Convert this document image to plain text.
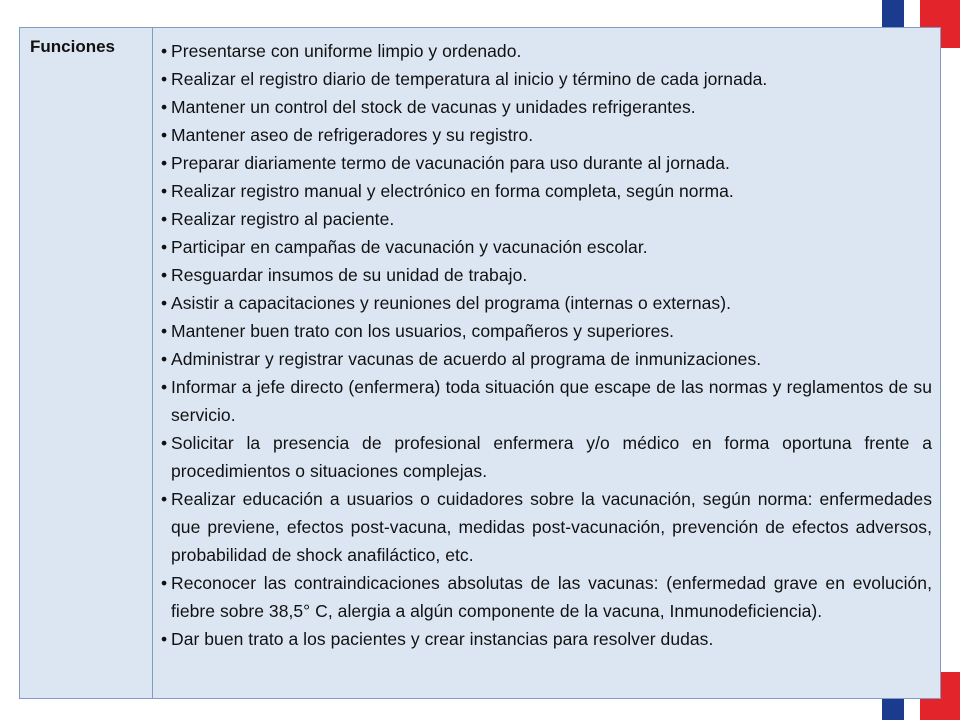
Funciones	
•Presentarse con uniforme limpio y ordenado.
• Realizar el registro diario de temperatura al inicio y término de cada jornada.
• Mantener un control del stock de vacunas y unidades refrigerantes.
• Mantener aseo de refrigeradores y su registro.
• Preparar diariamente termo de vacunación para uso durante al jornada.
• Realizar registro manual y electrónico en forma completa, según norma.
• Realizar registro al paciente.
• Participar en campañas de vacunación y vacunación escolar.
• Resguardar insumos de su unidad de trabajo.
• Asistir a capacitaciones y reuniones del programa (internas o externas).
• Mantener buen trato con los usuarios, compañeros y superiores.
• Administrar y registrar vacunas de acuerdo al programa de inmunizaciones.
• Informar a jefe directo (enfermera) toda situación que escape de las normas y reglamentos de su servicio.
• Solicitar la presencia de profesional enfermera y/o médico en forma oportuna frente a procedimientos o situaciones complejas.
• Realizar educación a usuarios o cuidadores sobre la vacunación, según norma: enfermedades que previene, efectos post-vacuna, medidas post-vacunación, prevención de efectos adversos, probabilidad de shock anafiláctico, etc.
• Reconocer las contraindicaciones absolutas de las vacunas: (enfermedad grave en evolución, fiebre sobre 38,5° C, alergia a algún componente de la vacuna, Inmunodeficiencia).
• Dar buen trato a los pacientes y crear instancias para resolver dudas.
